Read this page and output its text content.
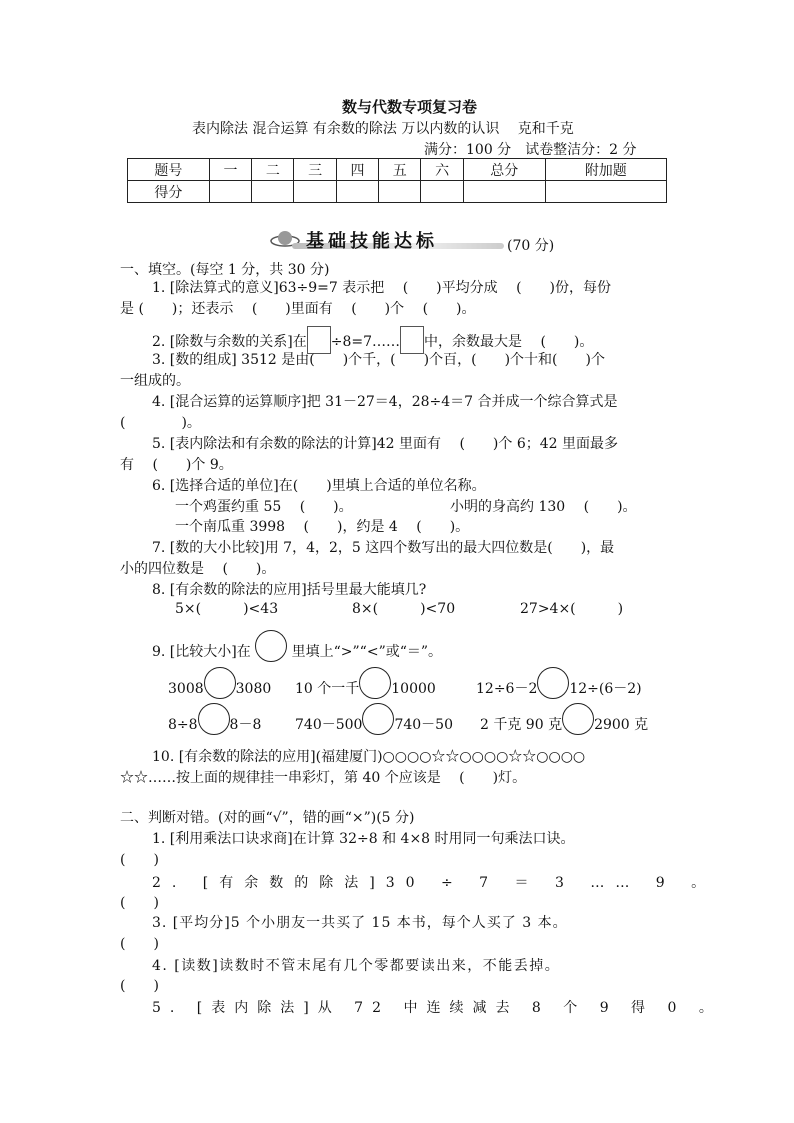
数与代数专项复习卷
表内除法 混合运算 有余数的除法 万以内数的认识 　克和千克
满分：100 分　试卷整洁分：2 分
题号	一	二	三	四	五	六	总分	附加题
得分								
基础技能达标	(70 分)
一、填空。(每空 1 分，共 30 分)
1. [除法算式的意义]63÷9=7 表示把 　(　　)平均分成 　(　　)份，每份
是 (　　)；还表示 　(　　)里面有 　(　　)个 　(　　)。
2. [除数与余数的关系]在 ÷8=7…… 中，余数最大是 　(　　)。
3. [数的组成] 3512 是由(　　)个千，(　　)个百，(　　)个十和(　　)个
一组成的。
4. [混合运算的运算顺序]把 31－27＝4，28÷4＝7 合并成一个综合算式是
(　　　　)。
5. [表内除法和有余数的除法的计算]42 里面有 　(　　)个 6；42 里面最多
有 　(　　)个 9。
6. [选择合适的单位]在(　　)里填上合适的单位名称。
一个鸡蛋约重 55 　(　　)。	小明的身高约 130 　(　　)。
一个南瓜重 3998 　(　　)，约是 4 　(　　)。
7. [数的大小比较]用 7，4，2，5 这四个数写出的最大四位数是(　　)，最
小的四位数是 　(　　)。
8. [有余数的除法的应用]括号里最大能填几?
5×(　　　)<43	8×(　　　)<70	27>4×(　　　)
9. [比较大小]在	里填上“>”“<”或“＝”。
3008 3080 10 个一千 10000	12÷6－2 12÷(6－2)
8÷8 8－8 740－500 740－50 2 千克 90 克 2900 克
10. [有余数的除法的应用](福建厦门)○○○○☆☆○○○○☆☆○○○○
☆☆……按上面的规律挂一串彩灯，第 40 个应该是 　(　　)灯。
二、判断对错。(对的画“√”，错的画“×”)(5 分)
1. [利用乘法口诀求商]在计算 32÷8 和 4×8 时用同一句乘法口诀。
(　　)
2. [有余数的除法]30 ÷ 7 ＝ 3 …… 9 。
(　　)
3. [平均分]5 个小朋友一共买了 15 本书，每个人买了 3 本。
(　　)
4. [读数]读数时不管末尾有几个零都要读出来，不能丢掉。
(　　)
5. [表内除法]从 72 中连续减去 8 个 9 得 0 。
